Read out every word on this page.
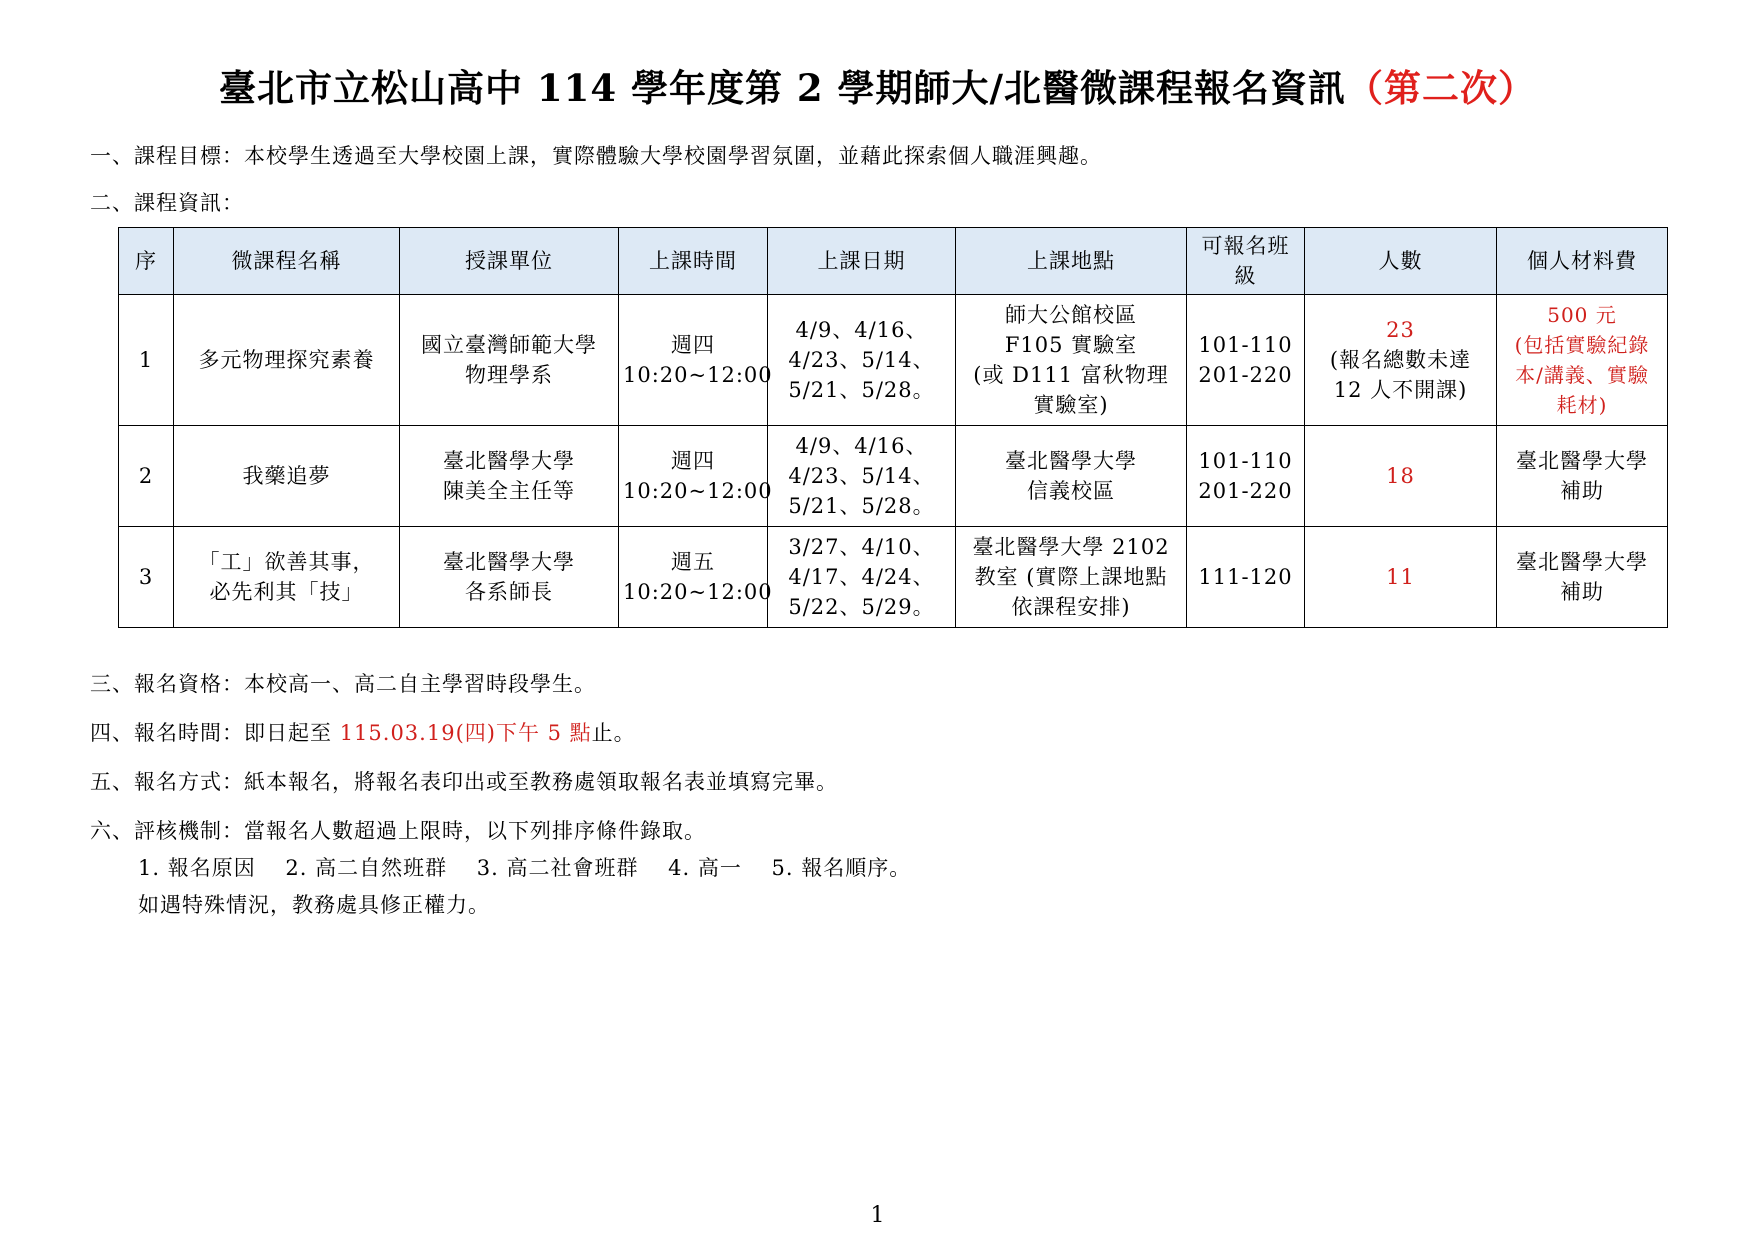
臺北市立松山高中 114 學年度第 2 學期師大/北醫微課程報名資訊（第二次）
一、課程目標：本校學生透過至大學校園上課，實際體驗大學校園學習氛圍，並藉此探索個人職涯興趣。
二、課程資訊：
序	微課程名稱	授課單位	上課時間	上課日期	上課地點	可報名班級	人數	個人材料費

1	多元物理探究素養	國立臺灣師範大學
物理學系	週四
10:20~12:00	4/9、4/16、
4/23、5/14、
5/21、5/28。	師大公館校區
F105 實驗室
(或 D111 富秋物理
實驗室)	101-110
201-220	23
(報名總數未達
12 人不開課)	500 元
(包括實驗紀錄
本/講義、實驗
耗材)

2	我藥追夢	臺北醫學大學
陳美全主任等	週四
10:20~12:00	4/9、4/16、
4/23、5/14、
5/21、5/28。	臺北醫學大學
信義校區	101-110
201-220	18	臺北醫學大學
補助

3	「工」欲善其事，
必先利其「技」	臺北醫學大學
各系師長	週五
10:20~12:00	3/27、4/10、
4/17、4/24、
5/22、5/29。	臺北醫學大學 2102
教室 (實際上課地點
依課程安排)	111-120	11	臺北醫學大學
補助
三、報名資格：本校高一、高二自主學習時段學生。
四、報名時間：即日起至 115.03.19(四)下午 5 點止。
五、報名方式：紙本報名，將報名表印出或至教務處領取報名表並填寫完畢。
六、評核機制：當報名人數超過上限時，以下列排序條件錄取。
1. 報名原因　 2. 高二自然班群　 3. 高二社會班群　 4. 高一　 5. 報名順序。
如遇特殊情況，教務處具修正權力。
1
